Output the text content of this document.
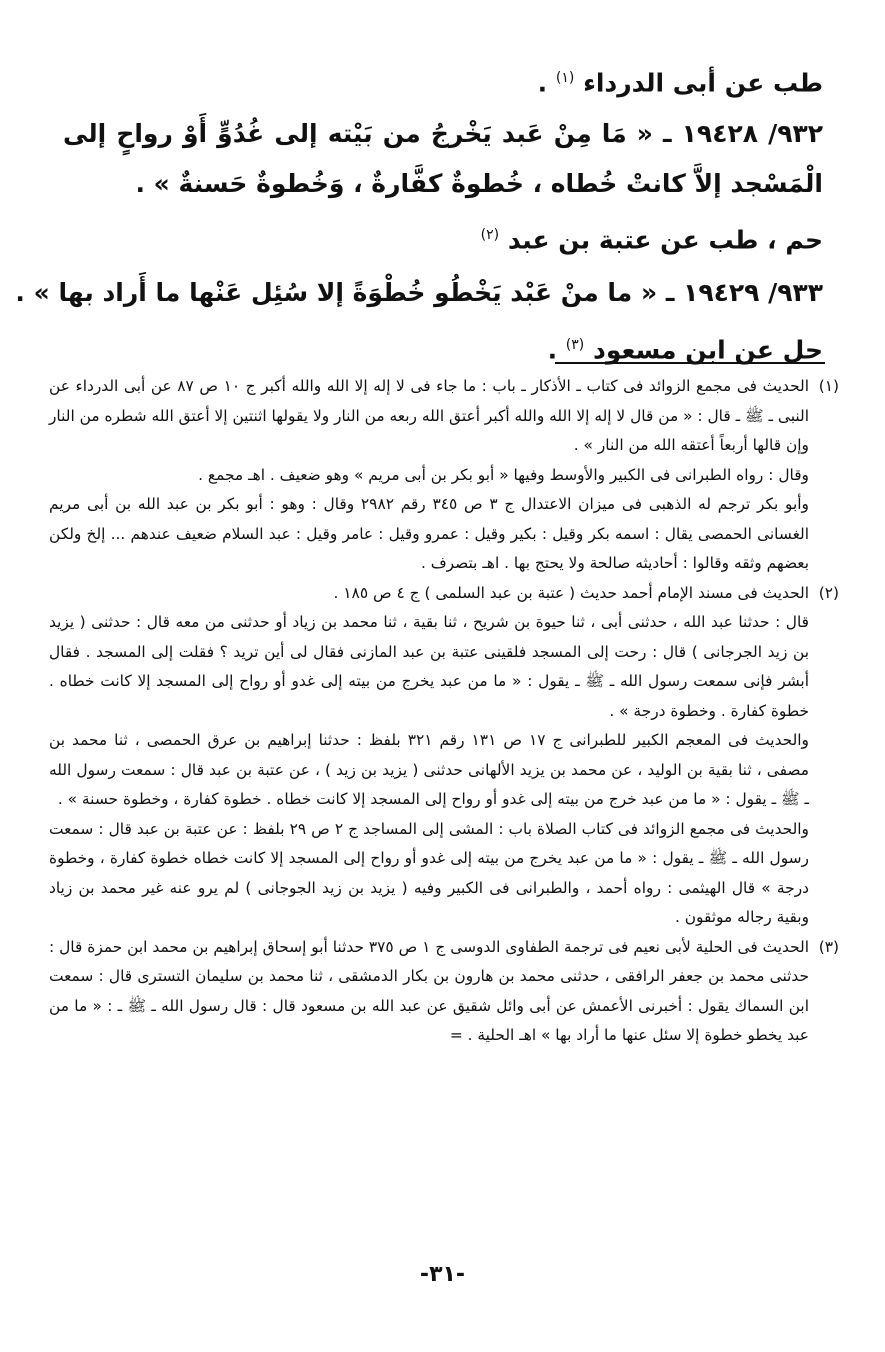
طب عن أبى الدرداء $^{(١)}$ .

٩٣٢/ ١٩٤٢٨ ـ « مَا مِنْ عَبد يَخْرجُ من بَيْته إلى غُدُوٍّ أَوْ رواحٍ إلى الْمَسْجد إلاَّ كانتْ خُطاه ، خُطوةٌ كفَّارةٌ ، وَخُطوةٌ حَسنةٌ » .

حم ، طب عن عتبة بن عبد $^{(٢)}$

٩٣٣/ ١٩٤٢٩ ـ « ما منْ عَبْد يَخْطُو خُطْوَةً إلا سُئِل عَنْها ما أَراد بها » .

حل عن ابن مسعود $^{(٣)}$ .

(١)

الحديث فى مجمع الزوائد فى كتاب ـ الأذكار ـ باب : ما جاء فى لا إله إلا الله والله أكبر ج ١٠ ص ٨٧ عن أبى الدرداء عن النبى ـ ﷺ ـ قال : « من قال لا إله إلا الله والله أكبر أعتق الله ربعه من النار ولا يقولها اثنتين إلا أعتق الله شطره من النار وإن قالها أربعاً أعتقه الله من النار » .

وقال : رواه الطبرانى فى الكبير والأوسط وفيها « أبو بكر بن أبى مريم » وهو ضعيف . اهـ مجمع .

وأبو بكر ترجم له الذهبى فى ميزان الاعتدال ج ٣ ص ٣٤٥ رقم ٢٩٨٢ وقال : وهو : أبو بكر بن عبد الله بن أبى مريم الغسانى الحمصى يقال : اسمه بكر وقيل : بكير وقيل : عمرو وقيل : عامر وقيل : عبد السلام ضعيف عندهم ... إلخ ولكن بعضهم وثقه وقالوا : أحاديثه صالحة ولا يحتج بها . اهـ بتصرف .

(٢)

الحديث فى مسند الإمام أحمد حديث ( عتبة بن عبد السلمى ) ج ٤ ص ١٨٥ .

قال : حدثنا عبد الله ، حدثنى أبى ، ثنا حيوة بن شريح ، ثنا بقية ، ثنا محمد بن زياد أو حدثنى من معه قال : حدثنى ( يزيد بن زيد الجرجانى ) قال : رحت إلى المسجد فلقينى عتبة بن عبد المازنى فقال لى أين تريد ؟ فقلت إلى المسجد . فقال أبشر فإنى سمعت رسول الله ـ ﷺ ـ يقول : « ما من عبد يخرج من بيته إلى غدو أو رواح إلى المسجد إلا كانت خطاه . خطوة كفارة . وخطوة درجة » .

والحديث فى المعجم الكبير للطبرانى ج ١٧ ص ١٣١ رقم ٣٢١ بلفظ : حدثنا إبراهيم بن عرق الحمصى ، ثنا محمد بن مصفى ، ثنا بقية بن الوليد ، عن محمد بن يزيد الألهانى حدثنى ( يزيد بن زيد ) ، عن عتبة بن عبد قال : سمعت رسول الله ـ ﷺ ـ يقول : « ما من عبد خرج من بيته إلى غدو أو رواح إلى المسجد إلا كانت خطاه . خطوة كفارة ، وخطوة حسنة » .

والحديث فى مجمع الزوائد فى كتاب الصلاة باب : المشى إلى المساجد ج ٢ ص ٢٩ بلفظ : عن عتبة بن عبد قال : سمعت رسول الله ـ ﷺ ـ يقول : « ما من عبد يخرج من بيته إلى غدو أو رواح إلى المسجد إلا كانت خطاه خطوة كفارة ، وخطوة درجة » قال الهيثمى : رواه أحمد ، والطبرانى فى الكبير وفيه ( يزيد بن زيد الجوجانى ) لم يرو عنه غير محمد بن زياد وبقية رجاله موثقون .

(٣)

الحديث فى الحلية لأبى نعيم فى ترجمة الطفاوى الدوسى ج ١ ص ٣٧٥ حدثنا أبو إسحاق إبراهيم بن محمد ابن حمزة قال : حدثنى محمد بن جعفر الرافقى ، حدثنى محمد بن هارون بن بكار الدمشقى ، ثنا محمد بن سليمان التسترى قال : سمعت ابن السماك يقول : أخبرنى الأعمش عن أبى وائل شقيق عن عبد الله بن مسعود قال : قال رسول الله ـ ﷺ ـ : « ما من عبد يخطو خطوة إلا سئل عنها ما أراد بها » اهـ الحلية . =

-٣١-
